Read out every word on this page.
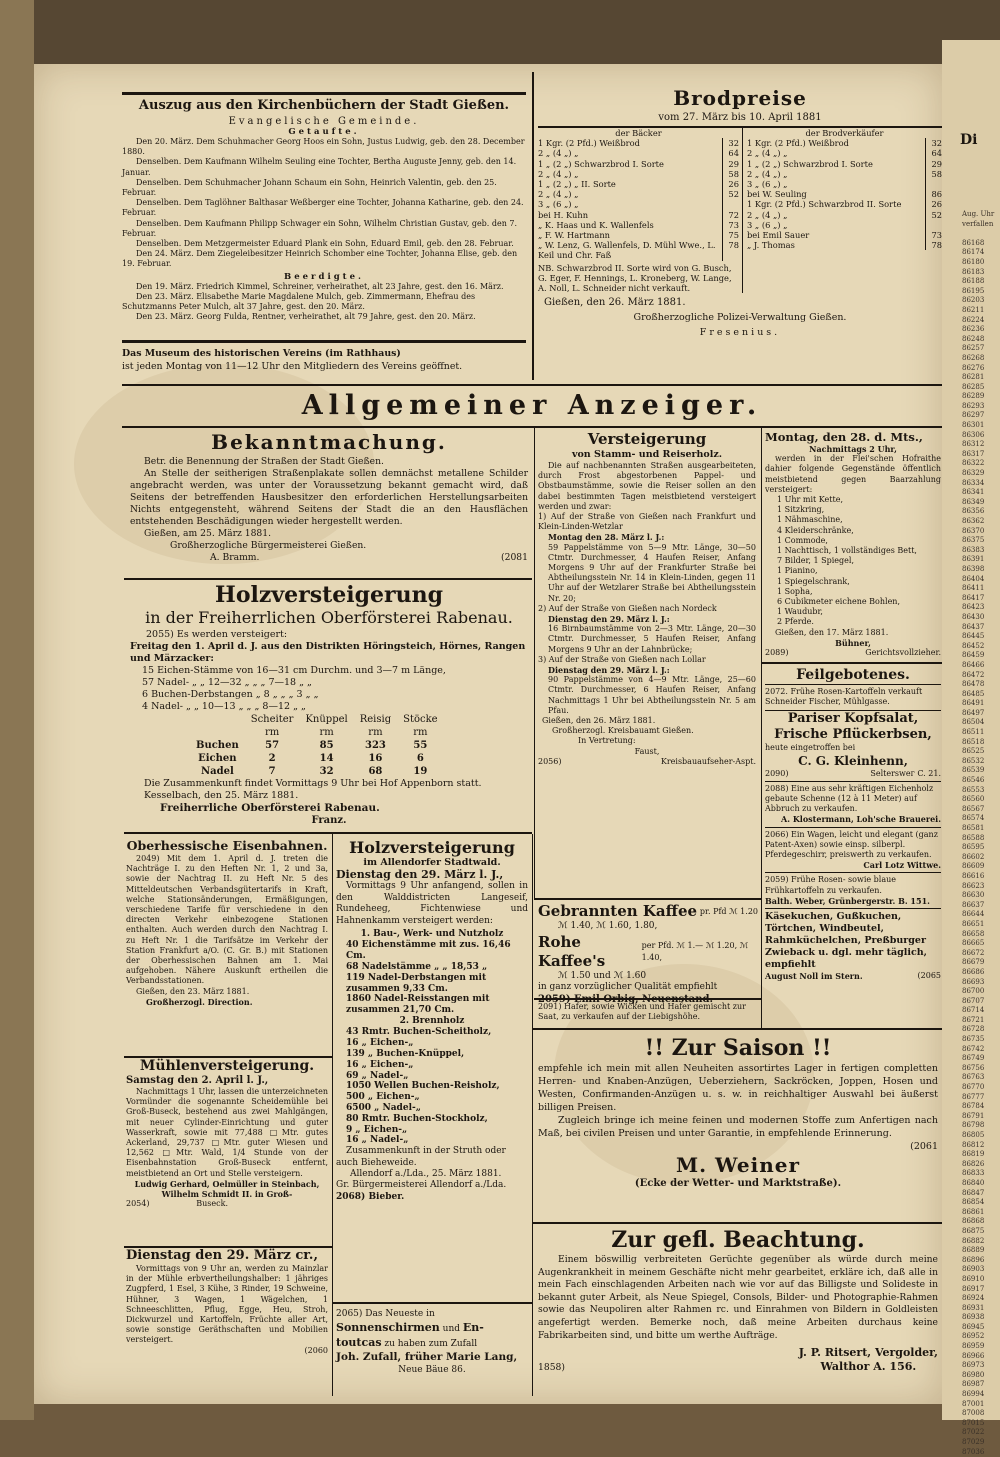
Di
Aug. Uhr
verfallen

86168
86174
86180
86183
86188
86195
86203
86211
86224
86236
86248
86257
86268
86276
86281
86285
86289
86293
86297
86301
86306
86312
86317
86322
86329
86334
86341
86349
86356
86362
86370
86375
86383
86391
86398
86404
86411
86417
86423
86430
86437
86445
86452
86459
86466
86472
86478
86485
86491
86497
86504
86511
86518
86525
86532
86539
86546
86553
86560
86567
86574
86581
86588
86595
86602
86609
86616
86623
86630
86637
86644
86651
86658
86665
86672
86679
86686
86693
86700
86707
86714
86721
86728
86735
86742
86749
86756
86763
86770
86777
86784
86791
86798
86805
86812
86819
86826
86833
86840
86847
86854
86861
86868
86875
86882
86889
86896
86903
86910
86917
86924
86931
86938
86945
86952
86959
86966
86973
86980
86987
86994
87001
87008
87015
87022
87029
87036
Auszug aus den Kirchenbüchern der Stadt Gießen.
Evangelische Gemeinde.
Getaufte.
Den 20. März. Dem Schuhmacher Georg Hoos ein Sohn, Justus Ludwig, geb. den 28. December 1880.
Denselben. Dem Kaufmann Wilhelm Seuling eine Tochter, Bertha Auguste Jenny, geb. den 14. Januar.
Denselben. Dem Schuhmacher Johann Schaum ein Sohn, Heinrich Valentin, geb. den 25. Februar.
Denselben. Dem Taglöhner Balthasar Weßberger eine Tochter, Johanna Katharine, geb. den 24. Februar.
Denselben. Dem Kaufmann Philipp Schwager ein Sohn, Wilhelm Christian Gustav, geb. den 7. Februar.
Denselben. Dem Metzgermeister Eduard Plank ein Sohn, Eduard Emil, geb. den 28. Februar.
Den 24. März. Dem Ziegeleibesitzer Heinrich Schomber eine Tochter, Johanna Elise, geb. den 19. Februar.
Beerdigte.
Den 19. März. Friedrich Kimmel, Schreiner, verheirathet, alt 23 Jahre, gest. den 16. März.
Den 23. März. Elisabethe Marie Magdalene Mulch, geb. Zimmermann, Ehefrau des Schutzmanns Peter Mulch, alt 37 Jahre, gest. den 20. März.
Den 23. März. Georg Fulda, Rentner, verheirathet, alt 79 Jahre, gest. den 20. März.
Das Museum des historischen Vereins (im Rathhaus)
ist jeden Montag von 11—12 Uhr den Mitgliedern des Vereins geöffnet.
Brodpreise
vom 27. März bis 10. April 1881
der Bäcker
1 Kgr. (2 Pfd.) Weißbrod	32
2 „ (4 „) „	64
1 „ (2 „) Schwarzbrod I. Sorte	29
2 „ (4 „) „	58
1 „ (2 „) „ II. Sorte	26
2 „ (4 „) „	52
3 „ (6 „) „
bei H. Kuhn	72
„ K. Haas und K. Wallenfels	73
„ F. W. Hartmann	75
„ W. Lenz, G. Wallenfels, D. Mühl Wwe., L. Keil und Chr. Faß
78
NB. Schwarzbrod II. Sorte wird von G. Busch, G. Eger, F. Hennings, L. Kroneberg, W. Lange, A. Noll, L. Schneider nicht verkauft.
der Brodverkäufer
1 Kgr. (2 Pfd.) Weißbrod	32
2 „ (4 „) „	64
1 „ (2 „) Schwarzbrod I. Sorte	29
2 „ (4 „) „	58
3 „ (6 „) „
bei W. Seuling	86
1 Kgr. (2 Pfd.) Schwarzbrod II. Sorte	26
2 „ (4 „) „	52
3 „ (6 „) „
bei Emil Sauer	73
„ J. Thomas	78
Gießen, den 26. März 1881.
Großherzogliche Polizei-Verwaltung Gießen.
Fresenius.
Allgemeiner Anzeiger.
Bekanntmachung.
Betr. die Benennung der Straßen der Stadt Gießen.
An Stelle der seitherigen Straßenplakate sollen demnächst metallene Schilder angebracht werden, was unter der Voraussetzung bekannt gemacht wird, daß Seitens der betreffenden Hausbesitzer den erforderlichen Herstellungsarbeiten Nichts entgegensteht, während Seitens der Stadt die an den Hausflächen entstehenden Beschädigungen wieder hergestellt werden.
Gießen, am 25. März 1881.
Großherzogliche Bürgermeisterei Gießen.
A. Bramm.	(2081
Holzversteigerung
in der Freiherrlichen Oberförsterei Rabenau.
2055) Es werden versteigert:
Freitag den 1. April d. J. aus den Distrikten Höringsteich, Hörnes, Rangen und Märzacker:
15 Eichen-Stämme von 16—31 cm Durchm. und 3—7 m Länge,
57 Nadel- „ „ 12—32 „ „ „ 7—18 „ „
6 Buchen-Derbstangen „ 8 „ „ „ 3 „ „
4 Nadel- „ „ 10—13 „ „ „ 8—12 „ „
	Scheiter	Knüppel	Reisig	Stöcke
	rm	rm	rm	rm
Buchen	57	85	323	55
Eichen	2	14	16	6
Nadel	7	32	68	19
Die Zusammenkunft findet Vormittags 9 Uhr bei Hof Appenborn statt.
Kesselbach, den 25. März 1881.
Freiherrliche Oberförsterei Rabenau.
Franz.
Oberhessische Eisenbahnen.
2049) Mit dem 1. April d. J. treten die Nachträge I. zu den Heften Nr. 1, 2 und 3a, sowie der Nachtrag II. zu Heft Nr. 5 des Mitteldeutschen Verbandsgütertarifs in Kraft, welche Stationsänderungen, Ermäßigungen, verschiedene Tarife für verschiedene in den directen Verkehr einbezogene Stationen enthalten. Auch werden durch den Nachtrag I. zu Heft Nr. 1 die Tarifsätze im Verkehr der Station Frankfurt a/O. (C. Gr. B.) mit Stationen der Oberhessischen Bahnen am 1. Mai aufgehoben. Nähere Auskunft ertheilen die Verbandsstationen.
Gießen, den 23. März 1881.
Großherzogl. Direction.
Mühlenversteigerung.
Samstag den 2. April l. J.,
Nachmittags 1 Uhr, lassen die unterzeichneten Vormünder die sogenannte Scheidemühle bei Groß-Buseck, bestehend aus zwei Mahlgängen, mit neuer Cylinder-Einrichtung und guter Wasserkraft, sowie mit 77,488 □Mtr. gutes Ackerland, 29,737 □Mtr. guter Wiesen und 12,562 □Mtr. Wald, 1/4 Stunde von der Eisenbahnstation Groß-Buseck entfernt, meistbietend an Ort und Stelle versteigern.
Ludwig Gerhard, Oelmüller in Steinbach,
Wilhelm Schmidt II. in Groß-
2054)	Buseck.
Dienstag den 29. März cr.,
Vormittags von 9 Uhr an, werden zu Mainzlar in der Mühle erbvertheilungshalber: 1 jähriges Zugpferd, 1 Esel, 3 Kühe, 3 Rinder, 19 Schweine, Hühner, 3 Wagen, 1 Wägelchen, 1 Schneeschlitten, Pflug, Egge, Heu, Stroh, Dickwurzel und Kartoffeln, Früchte aller Art, sowie sonstige Geräthschaften und Mobilien versteigert.
(2060
Holzversteigerung
im Allendorfer Stadtwald.
Dienstag den 29. März l. J.,
Vormittags 9 Uhr anfangend, sollen in den Walddistricten Langeseif, Rundeheeg, Fichtenwiese und Hahnenkamm versteigert werden:
1. Bau-, Werk- und Nutzholz
40 Eichenstämme mit zus. 16,46 Cm.
68 Nadelstämme „ „ 18,53 „
119 Nadel-Derbstangen mit zusammen 9,33 Cm.
1860 Nadel-Reisstangen mit zusammen 21,70 Cm.
2. Brennholz
43 Rmtr. Buchen-Scheitholz,
16 „ Eichen-„
139 „ Buchen-Knüppel,
16 „ Eichen-„
69 „ Nadel-„
1050 Wellen Buchen-Reisholz,
500 „ Eichen-„
6500 „ Nadel-„
80 Rmtr. Buchen-Stockholz,
9 „ Eichen-„
16 „ Nadel-„
Zusammenkunft in der Struth oder auch Bieheweide.
Allendorf a./Lda., 25. März 1881.
Gr. Bürgermeisterei Allendorf a./Lda.
2068) Bieber.
2065) Das Neueste in Sonnenschirmen und En-toutcas zu haben zum Zufall
Joh. Zufall, früher Marie Lang,
Neue Bäue 86.
Versteigerung
von Stamm- und Reiserholz.
Die auf nachbenannten Straßen ausgearbeiteten, durch Frost abgestorbenen Pappel- und Obstbaumstämme, sowie die Reiser sollen an den dabei bestimmten Tagen meistbietend versteigert werden und zwar:
1) Auf der Straße von Gießen nach Frankfurt und Klein-Linden-Wetzlar
Montag den 28. März l. J.:
59 Pappelstämme von 5—9 Mtr. Länge, 30—50 Ctmtr. Durchmesser, 4 Haufen Reiser, Anfang Morgens 9 Uhr auf der Frankfurter Straße bei Abtheilungsstein Nr. 14 in Klein-Linden, gegen 11 Uhr auf der Wetzlarer Straße bei Abtheilungsstein Nr. 20;
2) Auf der Straße von Gießen nach Nordeck
Dienstag den 29. März l. J.:
16 Birnbaumstämme von 2—3 Mtr. Länge, 20—30 Ctmtr. Durchmesser, 5 Haufen Reiser, Anfang Morgens 9 Uhr an der Lahnbrücke;
3) Auf der Straße von Gießen nach Lollar
Dienstag den 29. März l. J.:
90 Pappelstämme von 4—9 Mtr. Länge, 25—60 Ctmtr. Durchmesser, 6 Haufen Reiser, Anfang Nachmittags 1 Uhr bei Abtheilungsstein Nr. 5 am Pfau.
Gießen, den 26. März 1881.
Großherzogl. Kreisbauamt Gießen.
In Vertretung:
Faust,
2056)	Kreisbauaufseher-Aspt.
Gebrannten Kaffee pr. Pfd ℳ 1.20
ℳ 1.40, ℳ 1.60, 1.80,
Rohe Kaffee's
per Pfd. ℳ 1.— ℳ 1.20, ℳ 1.40,
ℳ 1.50 und ℳ 1.60
in ganz vorzüglicher Qualität empfiehlt
2091) Hafer, sowie Wicken und Hafer gemischt zur Saat, zu verkaufen auf der Liebigshöhe.
Montag, den 28. d. Mts.,
Nachmittags 2 Uhr,
werden in der Flei'schen Hofraithe dahier folgende Gegenstände öffentlich meistbietend gegen Baarzahlung versteigert:
1 Uhr mit Kette,
1 Sitzkring,
1 Nähmaschine,
4 Kleiderschränke,
1 Commode,
1 Nachttisch, 1 vollständiges Bett,
7 Bilder, 1 Spiegel,
1 Pianino,
1 Spiegelschrank,
1 Sopha,
6 Cubikmeter eichene Bohlen,
1 Waudubr,
2 Pferde.
Gießen, den 17. März 1881.
Bühner,
2089)	Gerichtsvollzieher.
Feilgebotenes.
2072. Frühe Rosen-Kartoffeln verkauft Schneider Fischer, Mühlgasse.
Pariser Kopfsalat,
Frische Pflückerbsen,
heute eingetroffen bei
C. G. Kleinhenn,
2090)	Selterswег C. 21.
2088) Eine aus sehr kräftigen Eichenholz gebaute Schenne (12 à 11 Meter) auf Abbruch zu verkaufen.
A. Klostermann, Loh'sche Brauerei.
2066) Ein Wagen, leicht und elegant (ganz Patent-Axen) sowie einsp. silberpl. Pferdegeschirr, preiswerth zu verkaufen.
Carl Lotz Wittwe.
2059) Frühe Rosen- sowie blaue Frühkartoffeln zu verkaufen.
Balth. Weber, Grünbergerstr. B. 151.
Käsekuchen, Gußkuchen, Törtchen, Windbeutel, Rahmküchelchen, Preßburger Zwieback u. dgl. mehr täglich, empfiehlt
August Noll im Stern.	(2065
!! Zur Saison !!
empfehle ich mein mit allen Neuheiten assortirtes Lager in fertigen completten Herren- und Knaben-Anzügen, Ueberziehern, Sackröcken, Joppen, Hosen und Westen, Confirmanden-Anzügen u. s. w. in reichhaltiger Auswahl bei äußerst billigen Preisen.
Zugleich bringe ich meine feinen und modernen Stoffe zum Anfertigen nach Maß, bei civilen Preisen und unter Garantie, in empfehlende Erinnerung.
(2061
M. Weiner
(Ecke der Wetter- und Marktstraße).
Zur gefl. Beachtung.
Einem böswillig verbreiteten Gerüchte gegenüber als würde durch meine Augenkrankheit in meinem Geschäfte nicht mehr gearbeitet, erkläre ich, daß alle in mein Fach einschlagenden Arbeiten nach wie vor auf das Billigste und Solideste in bekannt guter Arbeit, als Neue Spiegel, Consols, Bilder- und Photographie-Rahmen sowie das Neupoliren alter Rahmen rc. und Einrahmen von Bildern in Goldleisten angefertigt werden. Bemerke noch, daß meine Arbeiten durchaus keine Fabrikarbeiten sind, und bitte um werthe Aufträge.
1858)
J. P. Ritsert, Vergolder,
Walthor A. 156.
